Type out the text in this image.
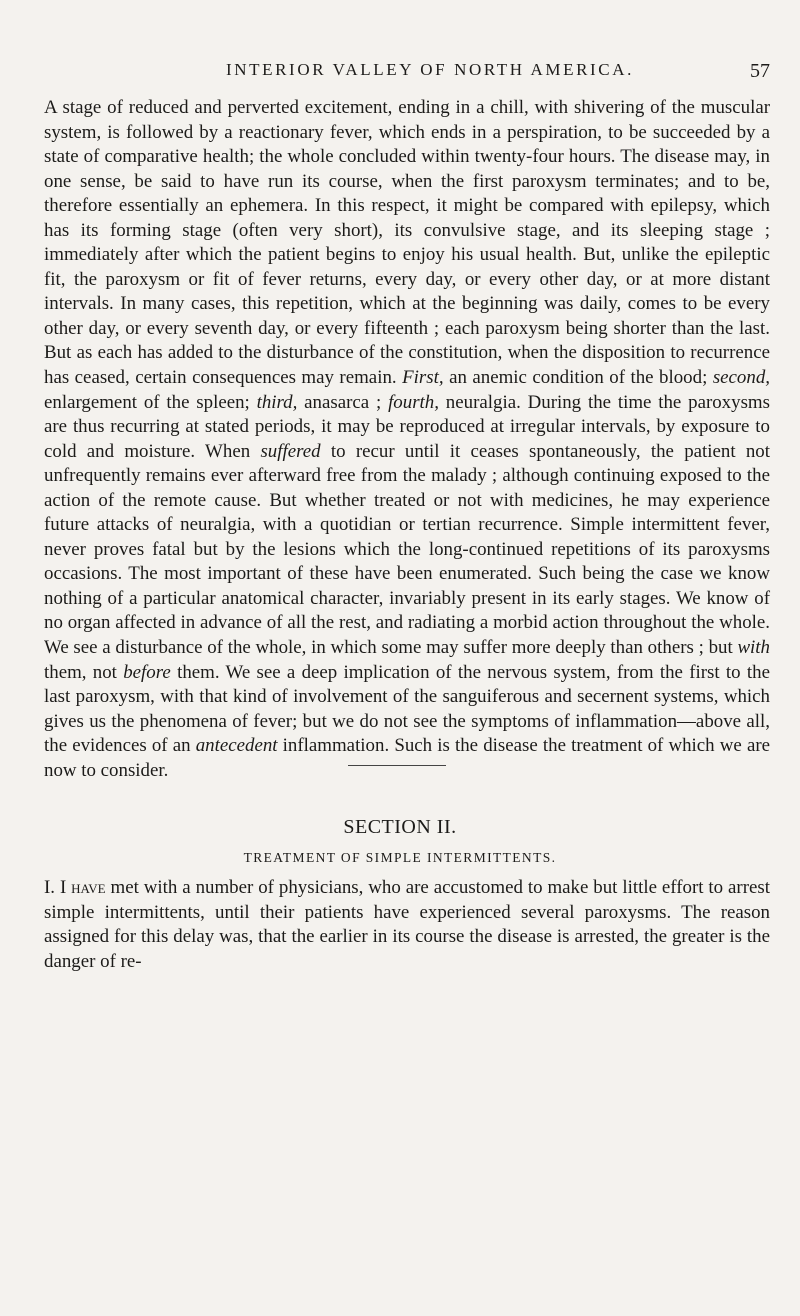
INTERIOR VALLEY OF NORTH AMERICA.	57

A stage of reduced and perverted excitement, ending in a chill, with shivering of the muscular system, is followed by a reactionary fever, which ends in a perspiration, to be succeeded by a state of comparative health; the whole concluded within twenty-four hours. The disease may, in one sense, be said to have run its course, when the first paroxysm terminates; and to be, therefore essentially an ephemera. In this respect, it might be compared with epilepsy, which has its forming stage (often very short), its convulsive stage, and its sleeping stage ; immediately after which the patient begins to enjoy his usual health. But, unlike the epileptic fit, the paroxysm or fit of fever returns, every day, or every other day, or at more distant intervals. In many cases, this repetition, which at the beginning was daily, comes to be every other day, or every seventh day, or every fifteenth ; each paroxysm being shorter than the last. But as each has added to the disturbance of the constitution, when the disposition to recurrence has ceased, certain consequences may remain. First, an anemic condition of the blood; second, enlargement of the spleen; third, anasarca ; fourth, neuralgia. During the time the paroxysms are thus recurring at stated periods, it may be reproduced at irregular intervals, by exposure to cold and moisture. When suffered to recur until it ceases spontaneously, the patient not unfrequently remains ever afterward free from the malady ; although continuing exposed to the action of the remote cause. But whether treated or not with medicines, he may experience future attacks of neuralgia, with a quotidian or tertian recurrence. Simple intermittent fever, never proves fatal but by the lesions which the long-continued repetitions of its paroxysms occasions. The most important of these have been enumerated. Such being the case we know nothing of a particular anatomical character, invariably present in its early stages. We know of no organ affected in advance of all the rest, and radiating a morbid action throughout the whole. We see a disturbance of the whole, in which some may suffer more deeply than others ; but with them, not before them. We see a deep implication of the nervous system, from the first to the last paroxysm, with that kind of involvement of the sanguiferous and secernent systems, which gives us the phenomena of fever; but we do not see the symptoms of inflammation—above all, the evidences of an antecedent inflammation. Such is the disease the treatment of which we are now to consider.

SECTION II.
TREATMENT OF SIMPLE INTERMITTENTS.

I. I have met with a number of physicians, who are accustomed to make but little effort to arrest simple intermittents, until their patients have experienced several paroxysms. The reason assigned for this delay was, that the earlier in its course the disease is arrested, the greater is the danger of re-
